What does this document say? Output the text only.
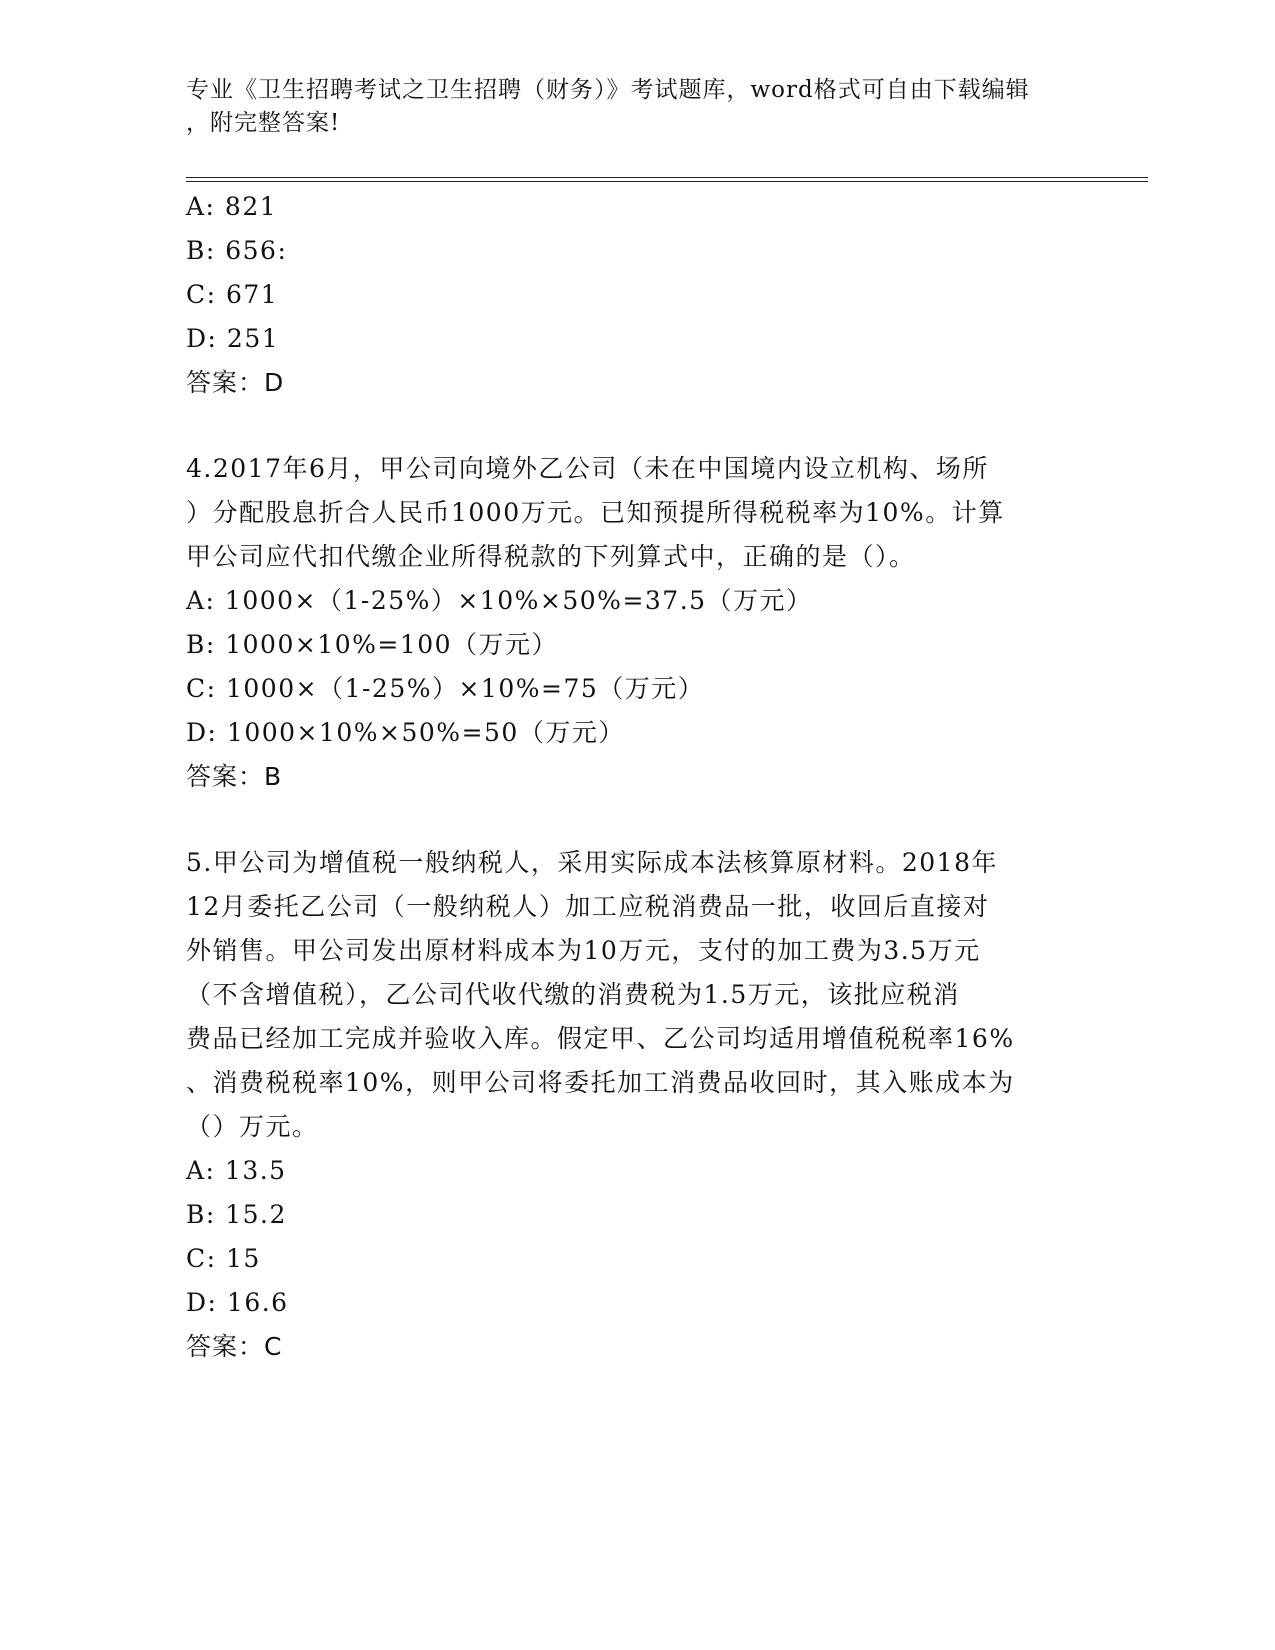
专业《卫生招聘考试之卫生招聘（财务）》考试题库，word格式可自由下载编辑
，附完整答案!
A: 821
B: 656:
C: 671
D: 251
答案：D
4.2017年6月，甲公司向境外乙公司（未在中国境内设立机构、场所
）分配股息折合人民币1000万元。已知预提所得税税率为10%。计算
甲公司应代扣代缴企业所得税款的下列算式中，正确的是（）。
A: 1000×（1-25%）×10%×50%=37.5（万元）
B: 1000×10%=100（万元）
C: 1000×（1-25%）×10%=75（万元）
D: 1000×10%×50%=50（万元）
答案：B
5.甲公司为增值税一般纳税人，采用实际成本法核算原材料。2018年
12月委托乙公司（一般纳税人）加工应税消费品一批，收回后直接对
外销售。甲公司发出原材料成本为10万元，支付的加工费为3.5万元
（不含增值税），乙公司代收代缴的消费税为1.5万元，该批应税消
费品已经加工完成并验收入库。假定甲、乙公司均适用增值税税率16%
、消费税税率10%，则甲公司将委托加工消费品收回时，其入账成本为
（）万元。
A: 13.5
B: 15.2
C: 15
D: 16.6
答案：C
